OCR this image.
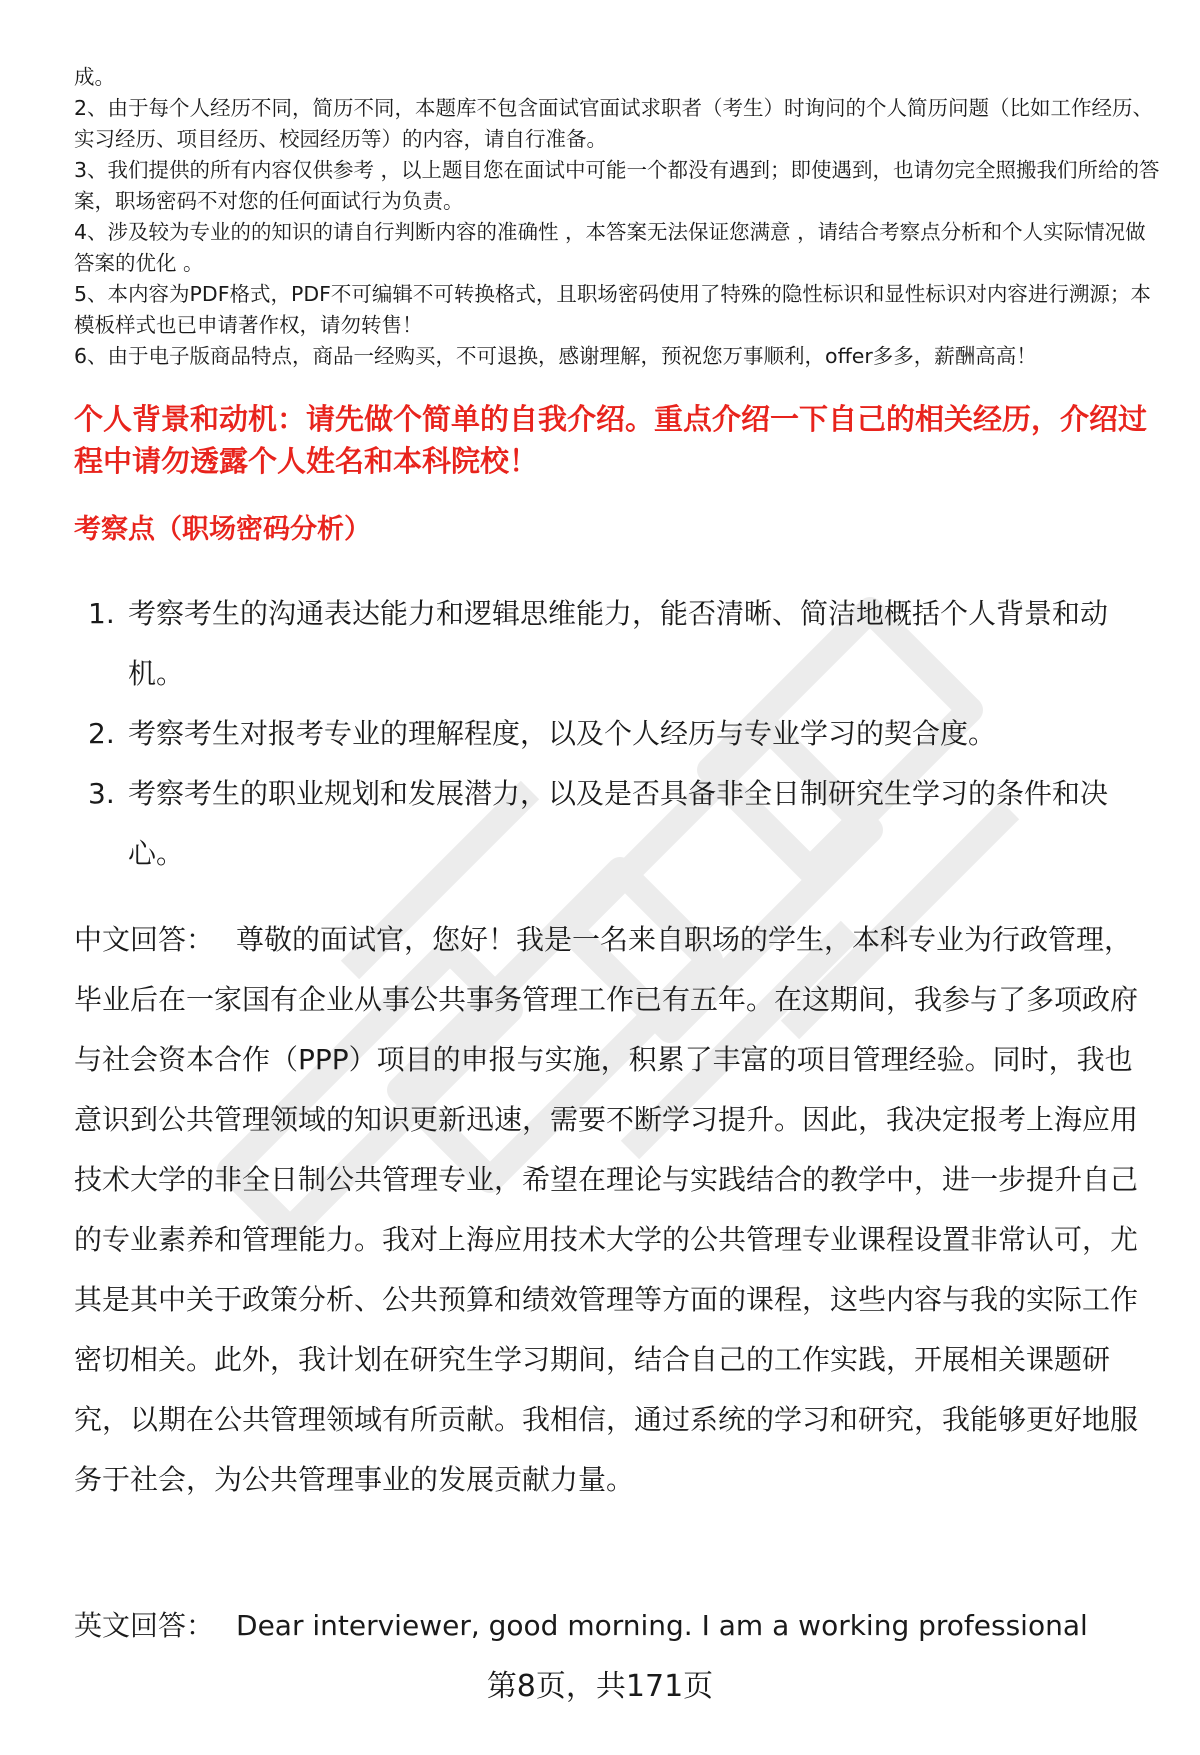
成。

2、由于每个人经历不同，简历不同，本题库不包含面试官面试求职者（考生）时询问的个人简历问题（比如工作经历、实习经历、项目经历、校园经历等）的内容，请自行准备。

3、我们提供的所有内容仅供参考 ，以上题目您在面试中可能一个都没有遇到；即使遇到，也请勿完全照搬我们所给的答案，职场密码不对您的任何面试行为负责。

4、涉及较为专业的的知识的请自行判断内容的准确性 ，本答案无法保证您满意 ，请结合考察点分析和个人实际情况做答案的优化 。

5、本内容为PDF格式，PDF不可编辑不可转换格式，且职场密码使用了特殊的隐性标识和显性标识对内容进行溯源；本模板样式也已申请著作权，请勿转售！

6、由于电子版商品特点，商品一经购买，不可退换，感谢理解，预祝您万事顺利，offer多多，薪酬高高！

个人背景和动机：请先做个简单的自我介绍。重点介绍一下自己的相关经历，介绍过程中请勿透露个人姓名和本科院校！

考察点（职场密码分析）

1. 考察考生的沟通表达能力和逻辑思维能力，能否清晰、简洁地概括个人背景和动机。
2. 考察考生对报考专业的理解程度，以及个人经历与专业学习的契合度。
3. 考察考生的职业规划和发展潜力，以及是否具备非全日制研究生学习的条件和决心。

中文回答： 尊敬的面试官，您好！我是一名来自职场的学生，本科专业为行政管理，毕业后在一家国有企业从事公共事务管理工作已有五年。在这期间，我参与了多项政府与社会资本合作（PPP）项目的申报与实施，积累了丰富的项目管理经验。同时，我也意识到公共管理领域的知识更新迅速，需要不断学习提升。因此，我决定报考上海应用技术大学的非全日制公共管理专业，希望在理论与实践结合的教学中，进一步提升自己的专业素养和管理能力。我对上海应用技术大学的公共管理专业课程设置非常认可，尤其是其中关于政策分析、公共预算和绩效管理等方面的课程，这些内容与我的实际工作密切相关。此外，我计划在研究生学习期间，结合自己的工作实践，开展相关课题研究，以期在公共管理领域有所贡献。我相信，通过系统的学习和研究，我能够更好地服务于社会，为公共管理事业的发展贡献力量。

英文回答： Dear interviewer, good morning. I am a working professional

第8页，共171页
